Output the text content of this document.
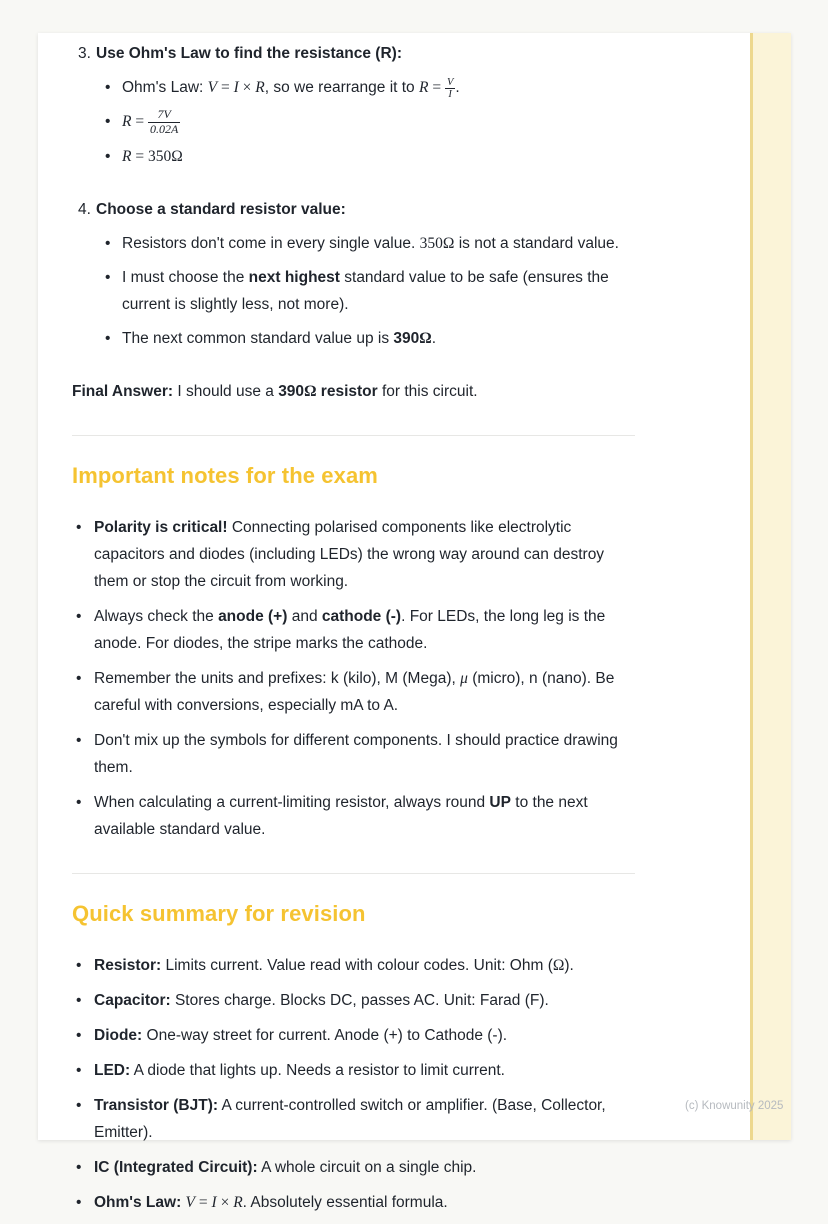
3. Use Ohm's Law to find the resistance (R):
• Ohm's Law: V = I × R, so we rearrange it to $R = \frac{V}{I}$ .
• $R = \frac{7V}{0.02A}$
• R = 350Ω
4. Choose a standard resistor value:
• Resistors don't come in every single value. 350Ω is not a standard value.
• I must choose the next highest standard value to be safe (ensures the current is slightly less, not more).
• The next common standard value up is 390Ω.

Final Answer: I should use a 390Ω resistor for this circuit.

Important notes for the exam
• Polarity is critical! Connecting polarised components like electrolytic capacitors and diodes (including LEDs) the wrong way around can destroy them or stop the circuit from working.
• Always check the anode (+) and cathode (-). For LEDs, the long leg is the anode. For diodes, the stripe marks the cathode.
• Remember the units and prefixes: k (kilo), M (Mega), μ (micro), n (nano). Be careful with conversions, especially mA to A.
• Don't mix up the symbols for different components. I should practice drawing them.
• When calculating a current-limiting resistor, always round UP to the next available standard value.
Quick summary for revision
• Resistor: Limits current. Value read with colour codes. Unit: Ohm (Ω).
• Capacitor: Stores charge. Blocks DC, passes AC. Unit: Farad (F).
• Diode: One-way street for current. Anode (+) to Cathode (-).
• LED: A diode that lights up. Needs a resistor to limit current.
• Transistor (BJT): A current-controlled switch or amplifier. (Base, Collector, Emitter).
• IC (Integrated Circuit): A whole circuit on a single chip.
• Ohm's Law: V = I × R. Absolutely essential formula.
(c) Knowunity 2025
